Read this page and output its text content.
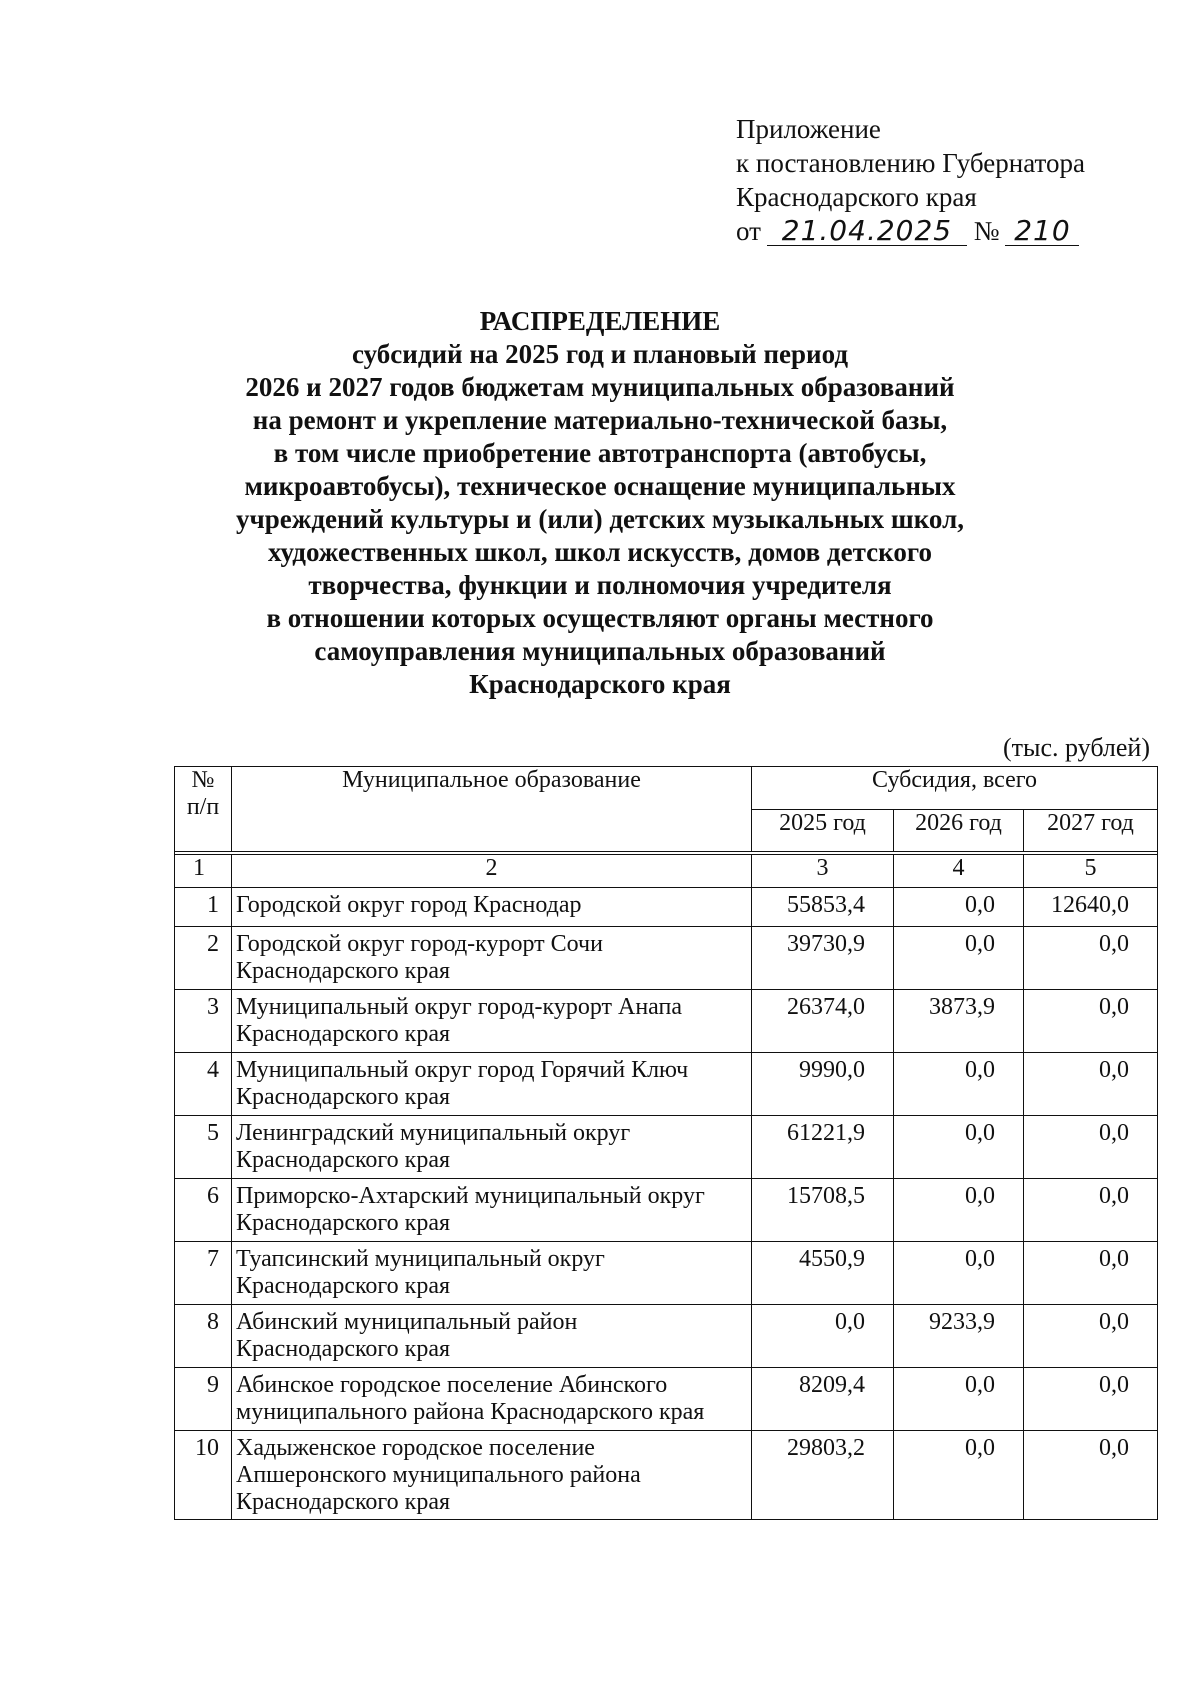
Приложение
к постановлению Губернатора
Краснодарского края
от 21.04.2025 № 210
РАСПРЕДЕЛЕНИЕ
субсидий на 2025 год и плановый период
2026 и 2027 годов бюджетам муниципальных образований
на ремонт и укрепление материально-технической базы,
в том числе приобретение автотранспорта (автобусы,
микроавтобусы), техническое оснащение муниципальных
учреждений культуры и (или) детских музыкальных школ,
художественных школ, школ искусств, домов детского
творчества, функции и полномочия учредителя
в отношении которых осуществляют органы местного
самоуправления муниципальных образований
Краснодарского края
(тыс. рублей)
№ п/п	Муниципальное образование	Субсидия, всего		
		2025 год	2026 год	2027 год

1	2	3	4	5
1	Городской округ город Краснодар	55853,4	0,0	12640,0
2	Городской округ город-курорт Сочи
Краснодарского края	39730,9	0,0	0,0
3	Муниципальный округ город-курорт Анапа
Краснодарского края	26374,0	3873,9	0,0
4	Муниципальный округ город Горячий Ключ
Краснодарского края	9990,0	0,0	0,0
5	Ленинградский муниципальный округ
Краснодарского края	61221,9	0,0	0,0
6	Приморско-Ахтарский муниципальный округ
Краснодарского края	15708,5	0,0	0,0
7	Туапсинский муниципальный округ
Краснодарского края	4550,9	0,0	0,0
8	Абинский муниципальный район
Краснодарского края	0,0	9233,9	0,0
9	Абинское городское поселение Абинского
муниципального района Краснодарского края	8209,4	0,0	0,0
10	Хадыженское городское поселение
Апшеронского муниципального района
Краснодарского края	29803,2	0,0	0,0
